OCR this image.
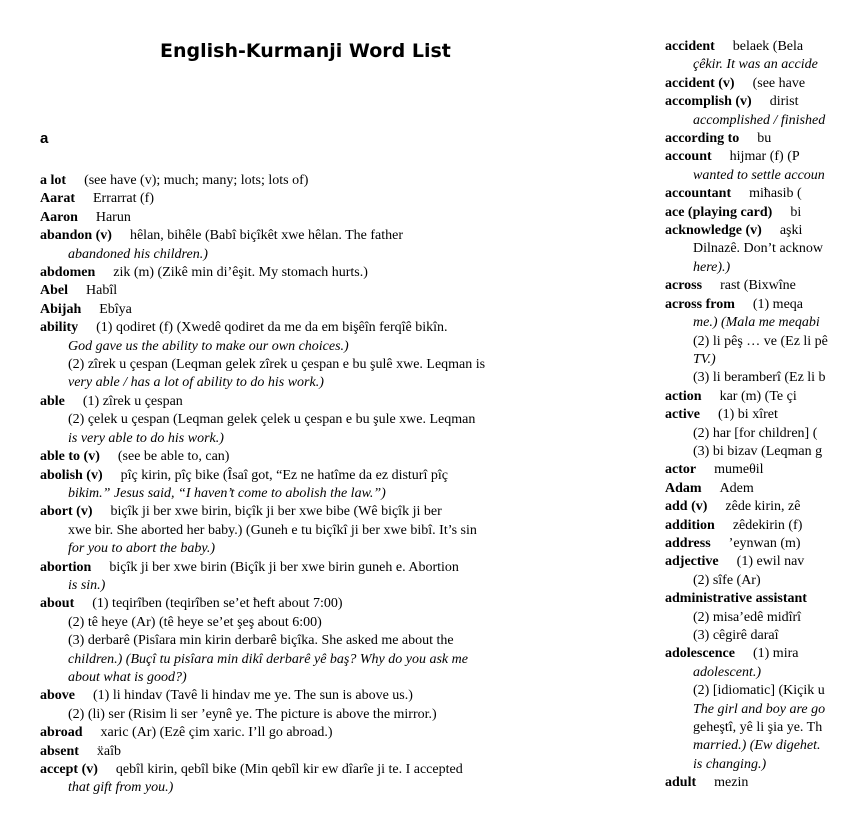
English-Kurmanji Word List
a
a lot (see have (v); much; many; lots; lots of)
Aarat Errarrat (f)
Aaron Harun
abandon (v) hêlan, bihêle (Babî biçîkêt xwe hêlan. The father
abandoned his children.)
abdomen zik (m) (Zikê min di’êşit. My stomach hurts.)
Abel Habîl
Abijah Ebîya
ability (1) qodiret (f) (Xwedê qodiret da me da em bişêîn ferqîê bikîn.
God gave us the ability to make our own choices.)
(2) zîrek u çespan (Leqman gelek zîrek u çespan e bu şulê xwe. Leqman is
very able / has a lot of ability to do his work.)
able (1) zîrek u çespan
(2) çelek u çespan (Leqman gelek çelek u çespan e bu şule xwe. Leqman
is very able to do his work.)
able to (v) (see be able to, can)
abolish (v) pîç kirin, pîç bike (Îsaî got, “Ez ne hatîme da ez disturî pîç
bikim.” Jesus said, “I haven’t come to abolish the law.”)
abort (v) biçîk ji ber xwe birin, biçîk ji ber xwe bibe (Wê biçîk ji ber
xwe bir. She aborted her baby.) (Guneh e tu biçîkî ji ber xwe bibî. It’s sin
for you to abort the baby.)
abortion biçîk ji ber xwe birin (Biçîk ji ber xwe birin guneh e. Abortion
is sin.)
about (1) teqirîben (teqirîben se’et ħeft about 7:00)
(2) tê heye (Ar) (tê heye se’et şeş about 6:00)
(3) derbarê (Pisîara min kirin derbarê biçîka. She asked me about the
children.) (Buçî tu pisîara min dikî derbarê yê baş? Why do you ask me
about what is good?)
above (1) li hindav (Tavê li hindav me ye. The sun is above us.)
(2) (li) ser (Risim li ser ’eynê ye. The picture is above the mirror.)
abroad xaric (Ar) (Ezê çim xaric. I’ll go abroad.)
absent ẍaîb
accept (v) qebîl kirin, qebîl bike (Min qebîl kir ew dîarîe ji te. I accepted
that gift from you.)
accident belaek (Bela
çêkir. It was an accide
accident (v) (see have
accomplish (v) dirist
accomplished / finished
according to bu
account hijmar (f) (P
wanted to settle accoun
accountant miħasib (
ace (playing card) bi
acknowledge (v) aşki
Dilnazê. Don’t acknow
here).)
across rast (Bixwîne
across from (1) meqa
me.) (Mala me meqabi
(2) li pêş … ve (Ez li pê
TV.)
(3) li beramberî (Ez li b
action kar (m) (Te çi
active (1) bi xîret
(2) har [for children] (
(3) bi bizav (Leqman g
actor mumeθil
Adam Adem
add (v) zêde kirin, zê
addition zêdekirin (f)
address ’eynwan (m)
adjective (1) ewil nav
(2) sîfe (Ar)
administrative assistant
(2) misa’edê midîrî
(3) cêgirê daraî
adolescence (1) mira
adolescent.)
(2) [idiomatic] (Kiçik u
The girl and boy are go
geheştî, yê li şia ye. Th
married.) (Ew digehet.
is changing.)
adult mezin
